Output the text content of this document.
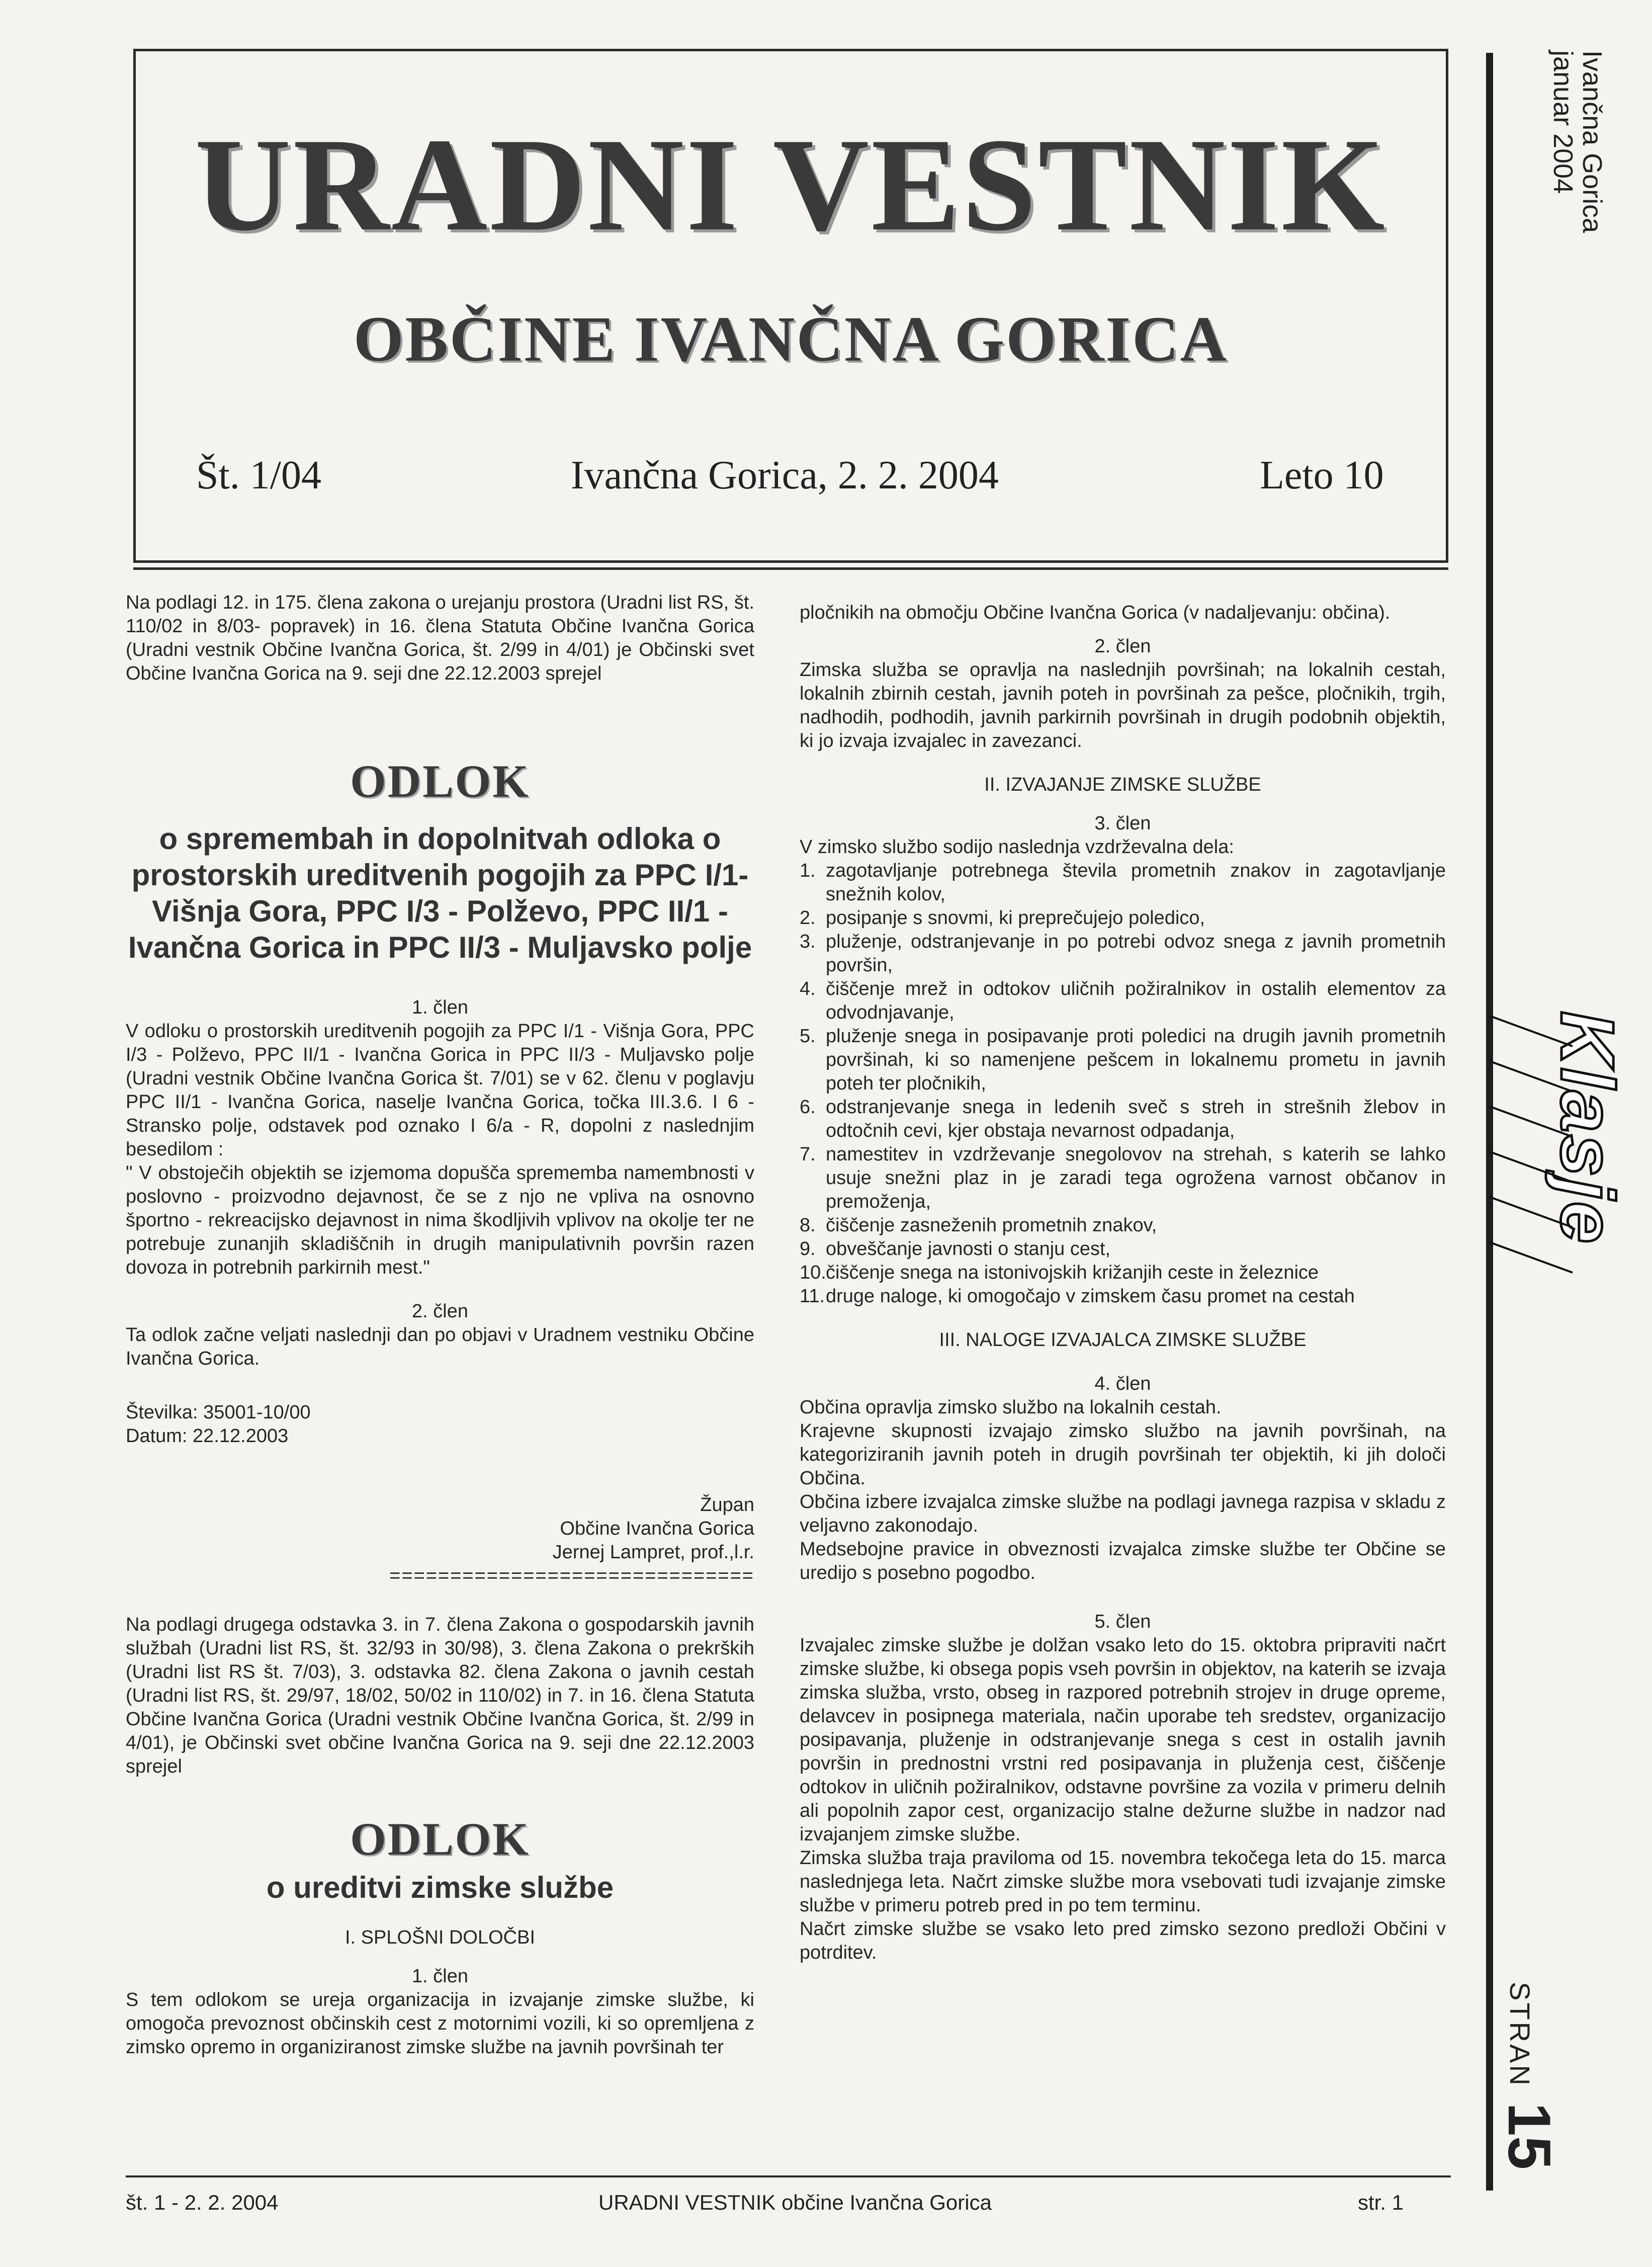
URADNI VESTNIK
OBČINE IVANČNA GORICA
Št. 1/04	Ivančna Gorica, 2. 2. 2004	Leto 10
Ivančna Gorica
januar 2004
Klasje
STRAN
15

Na podlagi 12. in 175. člena zakona o urejanju prostora (Uradni list RS, št. 110/02 in 8/03- popravek) in 16. člena Statuta Občine Ivančna Gorica (Uradni vestnik Občine Ivančna Gorica, št. 2/99 in 4/01) je Občinski svet Občine Ivančna Gorica na 9. seji dne 22.12.2003 sprejel

ODLOK
o spremembah in dopolnitvah odloka o prostorskih ureditvenih pogojih za PPC I/1- Višnja Gora, PPC I/3 - Polževo, PPC II/1 - Ivančna Gorica in PPC II/3 - Muljavsko polje

1. člen

V odloku o prostorskih ureditvenih pogojih za PPC I/1 - Višnja Gora, PPC I/3 - Polževo, PPC II/1 - Ivančna Gorica in PPC II/3 - Muljavsko polje (Uradni vestnik Občine Ivančna Gorica št. 7/01) se v 62. členu v poglavju PPC II/1 - Ivančna Gorica, naselje Ivančna Gorica, točka III.3.6. I 6 - Stransko polje, odstavek pod oznako I 6/a - R, dopolni z naslednjim besedilom :

" V obstoječih objektih se izjemoma dopušča sprememba namembnosti v poslovno - proizvodno dejavnost, če se z njo ne vpliva na osnovno športno - rekreacijsko dejavnost in nima škodljivih vplivov na okolje ter ne potrebuje zunanjih skladiščnih in drugih manipulativnih površin razen dovoza in potrebnih parkirnih mest."

2. člen

Ta odlok začne veljati naslednji dan po objavi v Uradnem vestniku Občine Ivančna Gorica.

Številka: 35001-10/00

Datum: 22.12.2003

Župan

Občine Ivančna Gorica

Jernej Lampret, prof.,l.r.

==============================

Na podlagi drugega odstavka 3. in 7. člena Zakona o gospodarskih javnih službah (Uradni list RS, št. 32/93 in 30/98), 3. člena Zakona o prekrških (Uradni list RS št. 7/03), 3. odstavka 82. člena Zakona o javnih cestah (Uradni list RS, št. 29/97, 18/02, 50/02 in 110/02) in 7. in 16. člena Statuta Občine Ivančna Gorica (Uradni vestnik Občine Ivančna Gorica, št. 2/99 in 4/01), je Občinski svet občine Ivančna Gorica na 9. seji dne 22.12.2003 sprejel

ODLOK
o ureditvi zimske službe

I. SPLOŠNI DOLOČBI

1. člen

S tem odlokom se ureja organizacija in izvajanje zimske službe, ki omogoča prevoznost občinskih cest z motornimi vozili, ki so opremljena z zimsko opremo in organiziranost zimske službe na javnih površinah ter

pločnikih na območju Občine Ivančna Gorica (v nadaljevanju: občina).

2. člen

Zimska služba se opravlja na naslednjih površinah; na lokalnih cestah, lokalnih zbirnih cestah, javnih poteh in površinah za pešce, pločnikih, trgih, nadhodih, podhodih, javnih parkirnih površinah in drugih podobnih objektih, ki jo izvaja izvajalec in zavezanci.

II. IZVAJANJE ZIMSKE SLUŽBE

3. člen

V zimsko službo sodijo naslednja vzdrževalna dela:

1. zagotavljanje potrebnega števila prometnih znakov in zagotavljanje snežnih kolov,
2. posipanje s snovmi, ki preprečujejo poledico,
3. pluženje, odstranjevanje in po potrebi odvoz snega z javnih prometnih površin,
4. čiščenje mrež in odtokov uličnih požiralnikov in ostalih elementov za odvodnjavanje,
5. pluženje snega in posipavanje proti poledici na drugih javnih prometnih površinah, ki so namenjene pešcem in lokalnemu prometu in javnih poteh ter pločnikih,
6. odstranjevanje snega in ledenih sveč s streh in strešnih žlebov in odtočnih cevi, kjer obstaja nevarnost odpadanja,
7. namestitev in vzdrževanje snegolovov na strehah, s katerih se lahko usuje snežni plaz in je zaradi tega ogrožena varnost občanov in premoženja,
8. čiščenje zasneženih prometnih znakov,
9. obveščanje javnosti o stanju cest,
10. čiščenje snega na istonivojskih križanjih ceste in železnice
11. druge naloge, ki omogočajo v zimskem času promet na cestah

III. NALOGE IZVAJALCA ZIMSKE SLUŽBE

4. člen

Občina opravlja zimsko službo na lokalnih cestah.

Krajevne skupnosti izvajajo zimsko službo na javnih površinah, na kategoriziranih javnih poteh in drugih površinah ter objektih, ki jih določi Občina.

Občina izbere izvajalca zimske službe na podlagi javnega razpisa v skladu z veljavno zakonodajo.

Medsebojne pravice in obveznosti izvajalca zimske službe ter Občine se uredijo s posebno pogodbo.

5. člen

Izvajalec zimske službe je dolžan vsako leto do 15. oktobra pripraviti načrt zimske službe, ki obsega popis vseh površin in objektov, na katerih se izvaja zimska služba, vrsto, obseg in razpored potrebnih strojev in druge opreme, delavcev in posipnega materiala, način uporabe teh sredstev, organizacijo posipavanja, pluženje in odstranjevanje snega s cest in ostalih javnih površin in prednostni vrstni red posipavanja in pluženja cest, čiščenje odtokov in uličnih požiralnikov, odstavne površine za vozila v primeru delnih ali popolnih zapor cest, organizacijo stalne dežurne službe in nadzor nad izvajanjem zimske službe.

Zimska služba traja praviloma od 15. novembra tekočega leta do 15. marca naslednjega leta. Načrt zimske službe mora vsebovati tudi izvajanje zimske službe v primeru potreb pred in po tem terminu.

Načrt zimske službe se vsako leto pred zimsko sezono predloži Občini v potrditev.

št. 1 - 2. 2. 2004	URADNI VESTNIK občine Ivančna Gorica	str. 1
